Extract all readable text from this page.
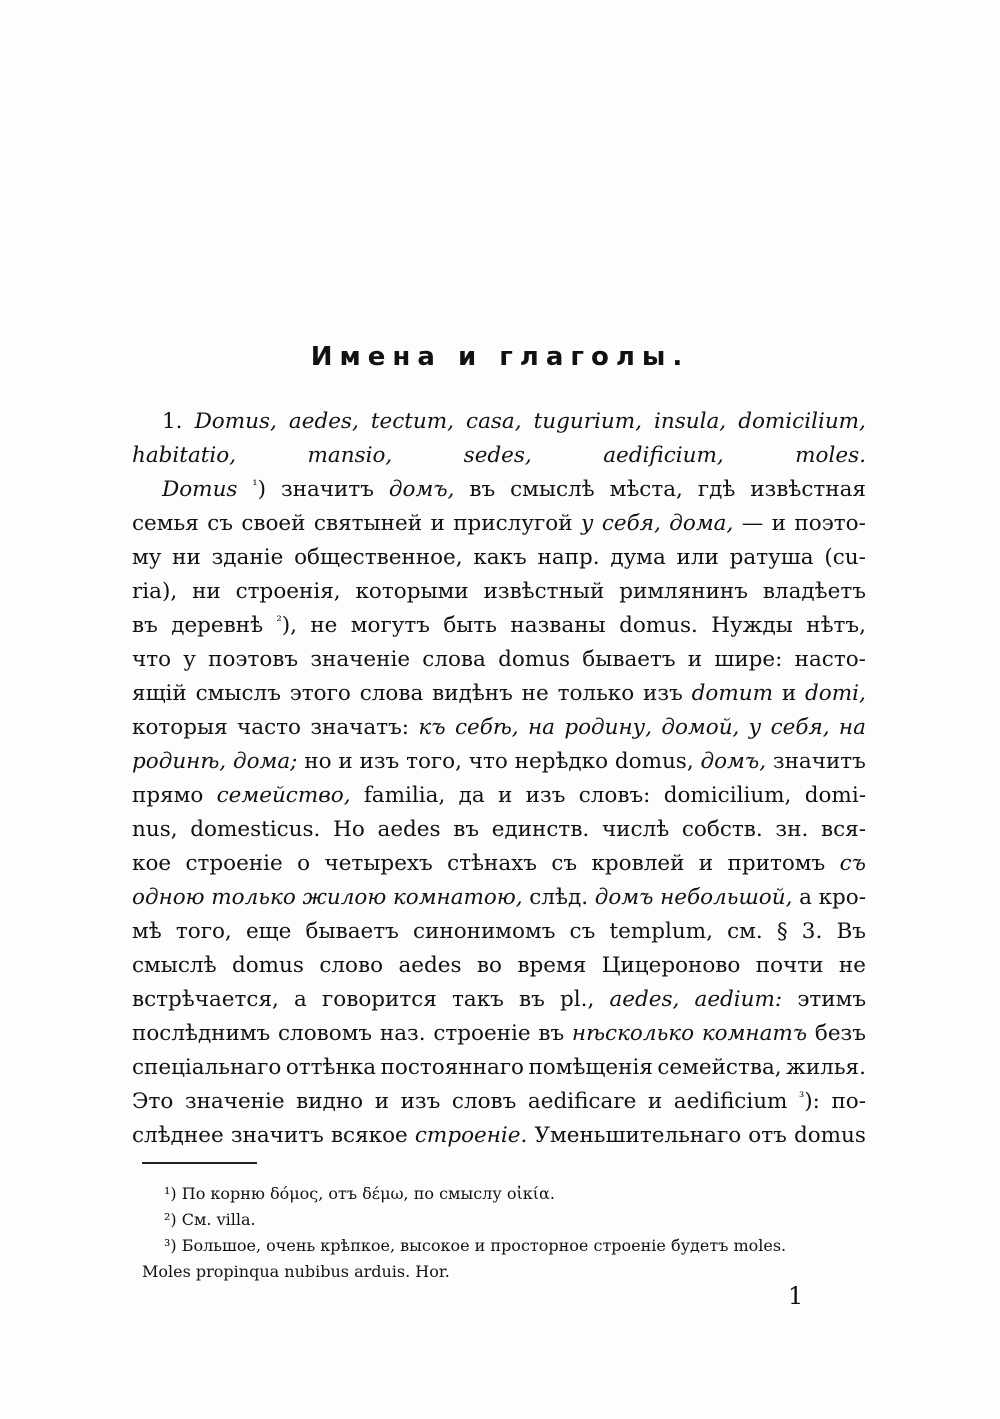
Имена и глаголы.
1. Domus, aedes, tectum, casa, tugurium, insula, domicilium,
habitatio,	mansio,	sedes,	aedificium,	moles.
Domus $^{^1}$) значитъ домъ, въ смыслѣ мѣста, гдѣ извѣстная
семья съ своей святыней и прислугой у себя, дома, — и поэто-
му ни зданіе общественное, какъ напр. дума или ратуша (cu-
ria), ни строенія, которыми извѣстный римлянинъ владѣетъ
въ деревнѣ $^{^2}$), не могутъ быть названы domus. Нужды нѣтъ,
что у поэтовъ значеніе слова domus бываетъ и шире: насто-
ящій смыслъ этого слова видѣнъ не только изъ domum и domi,
которыя часто значатъ: къ себѣ, на родину, домой, у себя, на
родинѣ, дома; но и изъ того, что нерѣдко domus, домъ, значитъ
прямо семейство, familia, да и изъ словъ: domicilium, domi-
nus, domesticus. Но aedes въ единств. числѣ собств. зн. вся-
кое строеніе о четырехъ стѣнахъ съ кровлей и притомъ съ
одною только жилою комнатою, слѣд. домъ небольшой, а кро-
мѣ того, еще бываетъ синонимомъ съ templum, см. § 3. Въ
смыслѣ domus слово aedes во время Цицероново почти не
встрѣчается, а говорится такъ въ pl., aedes, aedium: этимъ
послѣднимъ словомъ наз. строеніе въ нѣсколько комнатъ безъ
спеціальнаго оттѣнка постояннаго помѣщенія семейства, жилья.
Это значеніе видно и изъ словъ aedificare и aedificium $^{^3}$): по-
слѣднее значитъ всякое строеніе. Уменьшительнаго отъ domus
¹) По корню δόμος, отъ δέμω, по смыслу οἰκία.
²) См. villa.
³) Большое, очень крѣпкое, высокое и просторное строеніе будетъ moles.
Moles propinqua nubibus arduis. Hor.
1
